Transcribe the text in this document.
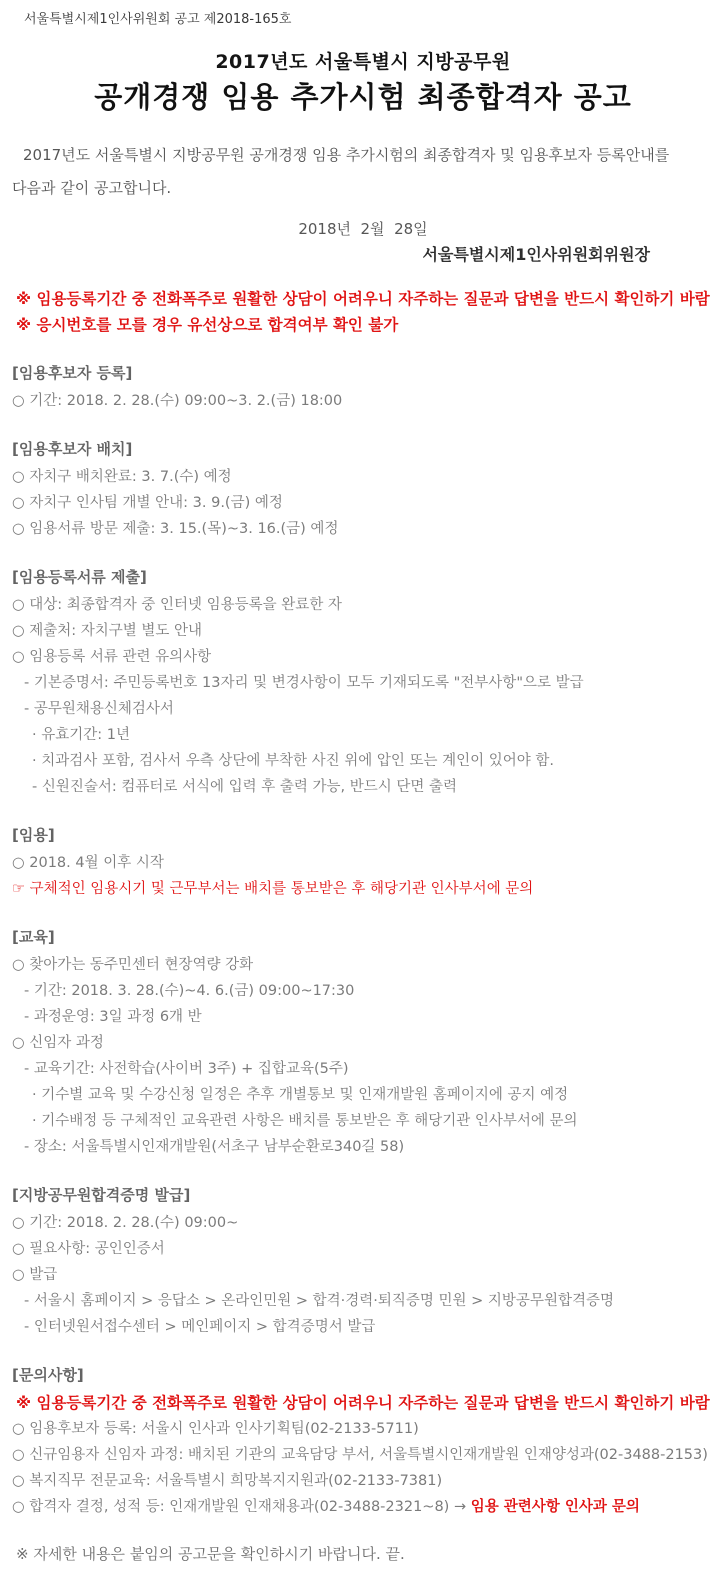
서울특별시제1인사위원회 공고 제2018-165호
2017년도 서울특별시 지방공무원
공개경쟁 임용 추가시험 최종합격자 공고
2017년도 서울특별시 지방공무원 공개경쟁 임용 추가시험의 최종합격자 및 임용후보자 등록안내를
다음과 같이 공고합니다.
2018년  2월  28일
서울특별시제1인사위원회위원장
※ 임용등록기간 중 전화폭주로 원활한 상담이 어려우니 자주하는 질문과 답변을 반드시 확인하기 바람
※ 응시번호를 모를 경우 유선상으로 합격여부 확인 불가
[임용후보자 등록]
○ 기간: 2018. 2. 28.(수) 09:00~3. 2.(금) 18:00
[임용후보자 배치]
○ 자치구 배치완료: 3. 7.(수) 예정
○ 자치구 인사팀 개별 안내: 3. 9.(금) 예정
○ 임용서류 방문 제출: 3. 15.(목)~3. 16.(금) 예정
[임용등록서류 제출]
○ 대상: 최종합격자 중 인터넷 임용등록을 완료한 자
○ 제출처: 자치구별 별도 안내
○ 임용등록 서류 관련 유의사항
- 기본증명서: 주민등록번호 13자리 및 변경사항이 모두 기재되도록 "전부사항"으로 발급
- 공무원채용신체검사서
· 유효기간: 1년
· 치과검사 포함, 검사서 우측 상단에 부착한 사진 위에 압인 또는 계인이 있어야 함.
- 신원진술서: 컴퓨터로 서식에 입력 후 출력 가능, 반드시 단면 출력
[임용]
○ 2018. 4월 이후 시작
☞ 구체적인 임용시기 및 근무부서는 배치를 통보받은 후 해당기관 인사부서에 문의
[교육]
○ 찾아가는 동주민센터 현장역량 강화
- 기간: 2018. 3. 28.(수)~4. 6.(금) 09:00~17:30
- 과정운영: 3일 과정 6개 반
○ 신임자 과정
- 교육기간: 사전학습(사이버 3주) + 집합교육(5주)
· 기수별 교육 및 수강신청 일정은 추후 개별통보 및 인재개발원 홈페이지에 공지 예정
· 기수배정 등 구체적인 교육관련 사항은 배치를 통보받은 후 해당기관 인사부서에 문의
- 장소: 서울특별시인재개발원(서초구 남부순환로340길 58)
[지방공무원합격증명 발급]
○ 기간: 2018. 2. 28.(수) 09:00~
○ 필요사항: 공인인증서
○ 발급
- 서울시 홈페이지 > 응답소 > 온라인민원 > 합격·경력·퇴직증명 민원 > 지방공무원합격증명
- 인터넷원서접수센터 > 메인페이지 > 합격증명서 발급
[문의사항]
※ 임용등록기간 중 전화폭주로 원활한 상담이 어려우니 자주하는 질문과 답변을 반드시 확인하기 바람
○ 임용후보자 등록: 서울시 인사과 인사기획팀(02-2133-5711)
○ 신규임용자 신임자 과정: 배치된 기관의 교육담당 부서, 서울특별시인재개발원 인재양성과(02-3488-2153)
○ 복지직무 전문교육: 서울특별시 희망복지지원과(02-2133-7381)
○ 합격자 결정, 성적 등: 인재개발원 인재채용과(02-3488-2321~8) → 임용 관련사항 인사과 문의
※ 자세한 내용은 붙임의 공고문을 확인하시기 바랍니다. 끝.
